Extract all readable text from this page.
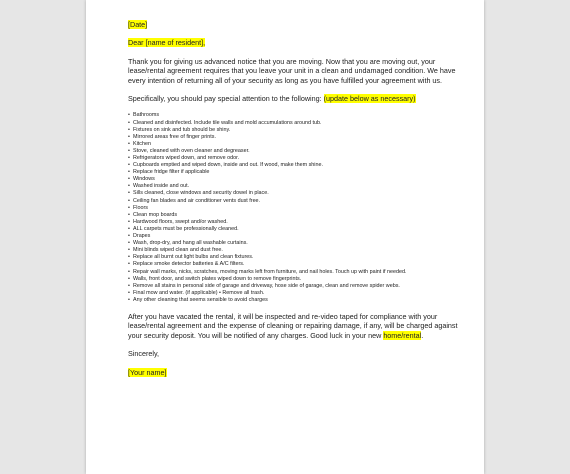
[Date]

Dear [name of resident],

Thank you for giving us advanced notice that you are moving. Now that you are moving out, your lease/rental agreement requires that you leave your unit in a clean and undamaged condition. We have every intention of returning all of your security as long as you have fulfilled your agreement with us.

Specifically, you should pay special attention to the following: (update below as necessary)

• Bathrooms
• Cleaned and disinfected. Include tile walls and mold accumulations around tub.
• Fixtures on sink and tub should be shiny.
• Mirrored areas free of finger prints.
• Kitchen
• Stove, cleaned with oven cleaner and degreaser.
• Refrigerators wiped down, and remove odor.
• Cupboards emptied and wiped down, inside and out. If wood, make them shine.
• Replace fridge filter if applicable
• Windows
• Washed inside and out.
• Sills cleaned, close windows and security dowel in place.
• Ceiling fan blades and air conditioner vents dust free.
• Floors
• Clean mop boards
• Hardwood floors, swept and/or washed.
• ALL carpets must be professionally cleaned.
• Drapes
• Wash, drop-dry, and hang all washable curtains.
• Mini blinds wiped clean and dust free.
• Replace all burnt out light bulbs and clean fixtures.
• Replace smoke detector batteries & A/C filters.
• Repair wall marks, nicks, scratches, moving marks left from furniture, and nail holes. Touch up with paint if needed.
• Walls, front door, and switch plates wiped down to remove fingerprints.
• Remove all stains in personal side of garage and driveway, hose side of garage, clean and remove spider webs.
• Final mow and water. (if applicable) • Remove all trash.
• Any other cleaning that seems sensible to avoid charges

After you have vacated the rental, it will be inspected and re-video taped for compliance with your lease/rental agreement and the expense of cleaning or repairing damage, if any, will be charged against your security deposit. You will be notified of any charges. Good luck in your new home/rental.

Sincerely,

[Your name]
